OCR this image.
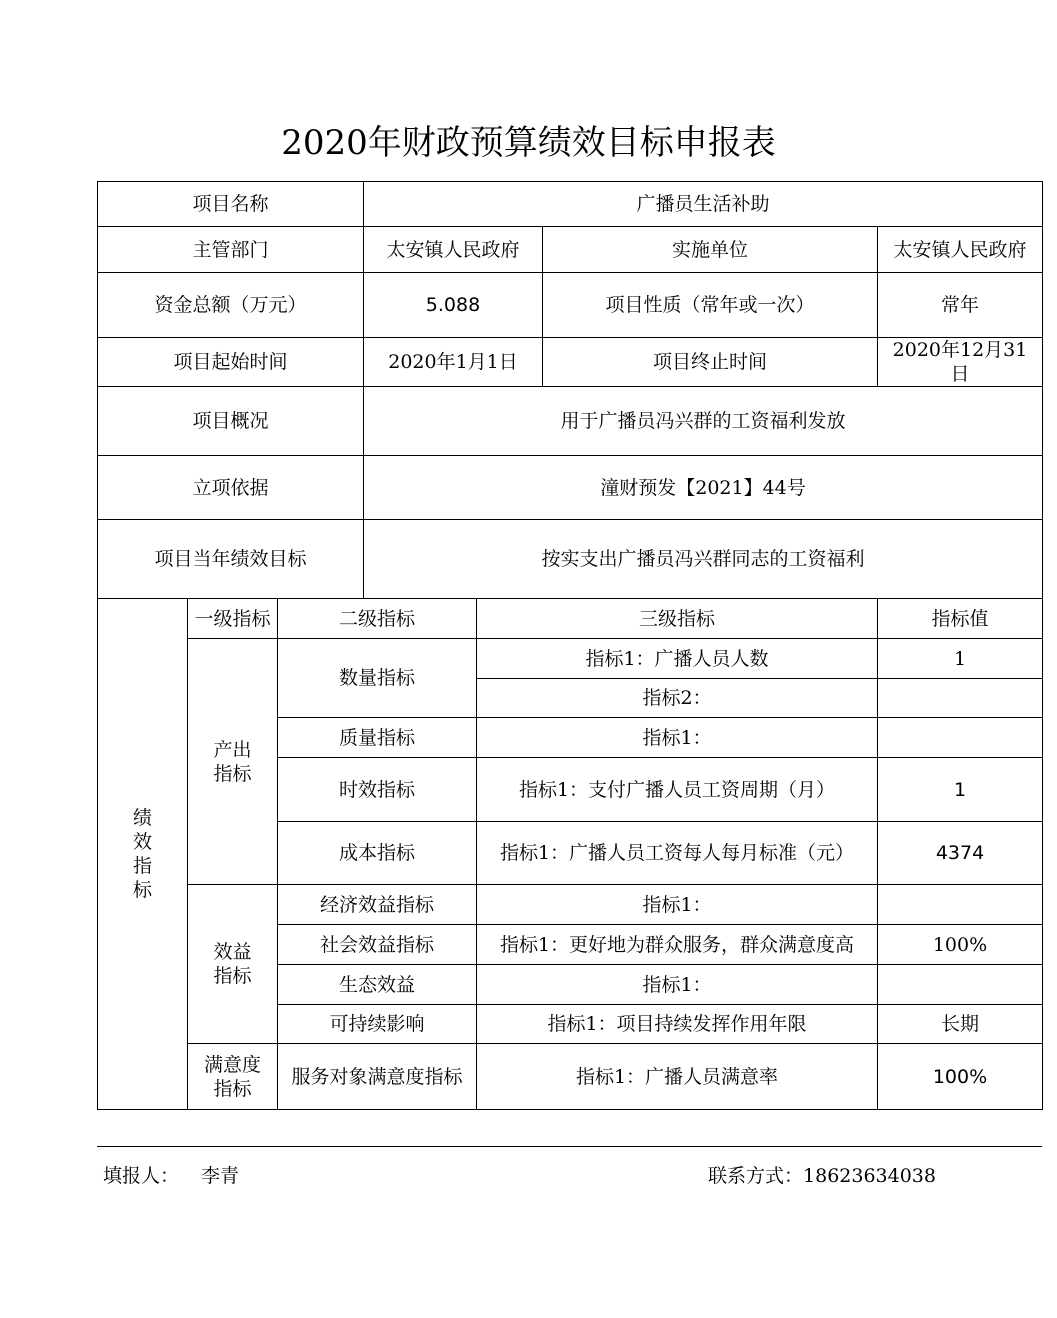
2020年财政预算绩效目标申报表
项目名称			广播员生活补助			
主管部门			太安镇人民政府		实施单位	太安镇人民政府
资金总额（万元）			5.088		项目性质（常年或一次）	常年
项目起始时间			2020年1月1日		项目终止时间	2020年12月31日
项目概况			用于广播员冯兴群的工资福利发放			
立项依据			潼财预发【2021】44号			
项目当年绩效目标			按实支出广播员冯兴群同志的工资福利			
绩效指标	一级指标	二级指标		三级指标		指标值
	产出指标	数量指标		指标1：广播人员人数		1
				指标2：		
		质量指标		指标1：		
		时效指标		指标1：支付广播人员工资周期（月）		1
		成本指标		指标1：广播人员工资每人每月标准（元）		4374

	效益指标	经济效益指标		指标1：		
		社会效益指标		指标1：更好地为群众服务，群众满意度高		100%
		生态效益		指标1：		
		可持续影响		指标1：项目持续发挥作用年限		长期
	满意度指标	服务对象满意度指标		指标1：广播人员满意率		100%
填报人： 李青	联系方式：18623634038
